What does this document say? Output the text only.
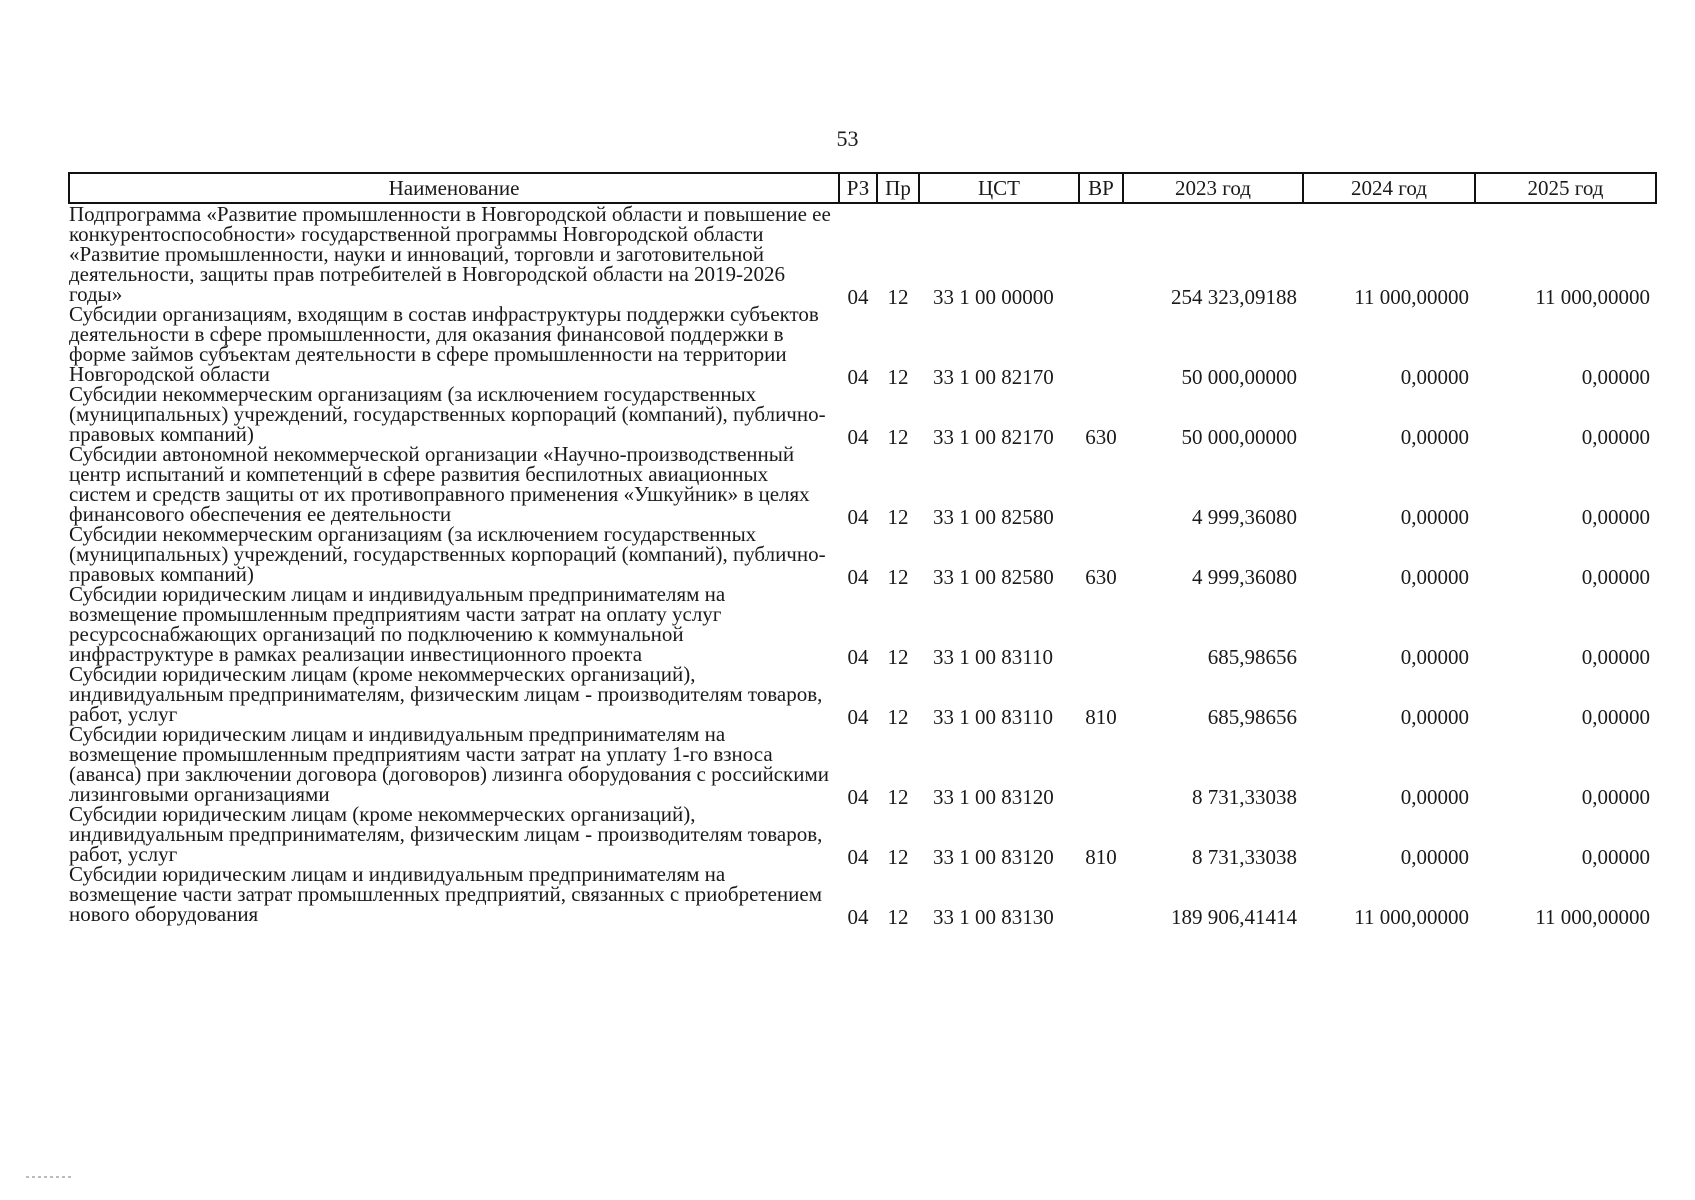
53
Наименование	РЗ	Пр	ЦСТ	ВР	2023 год	2024 год	2025 год

Подпрограмма «Развитие промышленности в Новгородской области и повышение ее конкурентоспособности» государственной программы Новгородской области «Развитие промышленности, науки и инноваций, торговли и заготовительной деятельности, защиты прав потребителей в Новгородской области на 2019-2026 годы»	04	12	33 1 00 00000		254 323,09188	11 000,00000	11 000,00000

Субсидии организациям, входящим в состав инфраструктуры поддержки субъектов деятельности в сфере промышленности, для оказания финансовой поддержки в форме займов субъектам деятельности в сфере промышленности на территории Новгородской области	04	12	33 1 00 82170		50 000,00000	0,00000	0,00000

Субсидии некоммерческим организациям (за исключением государственных (муниципальных) учреждений, государственных корпораций (компаний), публично-правовых компаний)	04	12	33 1 00 82170	630	50 000,00000	0,00000	0,00000

Субсидии автономной некоммерческой организации «Научно-производственный центр испытаний и компетенций в сфере развития беспилотных авиационных систем и средств защиты от их противоправного применения «Ушкуйник» в целях финансового обеспечения ее деятельности	04	12	33 1 00 82580		4 999,36080	0,00000	0,00000

Субсидии некоммерческим организациям (за исключением государственных (муниципальных) учреждений, государственных корпораций (компаний), публично-правовых компаний)	04	12	33 1 00 82580	630	4 999,36080	0,00000	0,00000

Субсидии юридическим лицам и индивидуальным предпринимателям на возмещение промышленным предприятиям части затрат на оплату услуг ресурсоснабжающих организаций по подключению к коммунальной инфраструктуре в рамках реализации инвестиционного проекта	04	12	33 1 00 83110		685,98656	0,00000	0,00000

Субсидии юридическим лицам (кроме некоммерческих организаций), индивидуальным предпринимателям, физическим лицам - производителям товаров, работ, услуг	04	12	33 1 00 83110	810	685,98656	0,00000	0,00000

Субсидии юридическим лицам и индивидуальным предпринимателям на возмещение промышленным предприятиям части затрат на уплату 1-го взноса (аванса) при заключении договора (договоров) лизинга оборудования с российскими лизинговыми организациями	04	12	33 1 00 83120		8 731,33038	0,00000	0,00000

Субсидии юридическим лицам (кроме некоммерческих организаций), индивидуальным предпринимателям, физическим лицам - производителям товаров, работ, услуг	04	12	33 1 00 83120	810	8 731,33038	0,00000	0,00000

Субсидии юридическим лицам и индивидуальным предпринимателям на возмещение части затрат промышленных предприятий, связанных с приобретением нового оборудования	04	12	33 1 00 83130		189 906,41414	11 000,00000	11 000,00000
